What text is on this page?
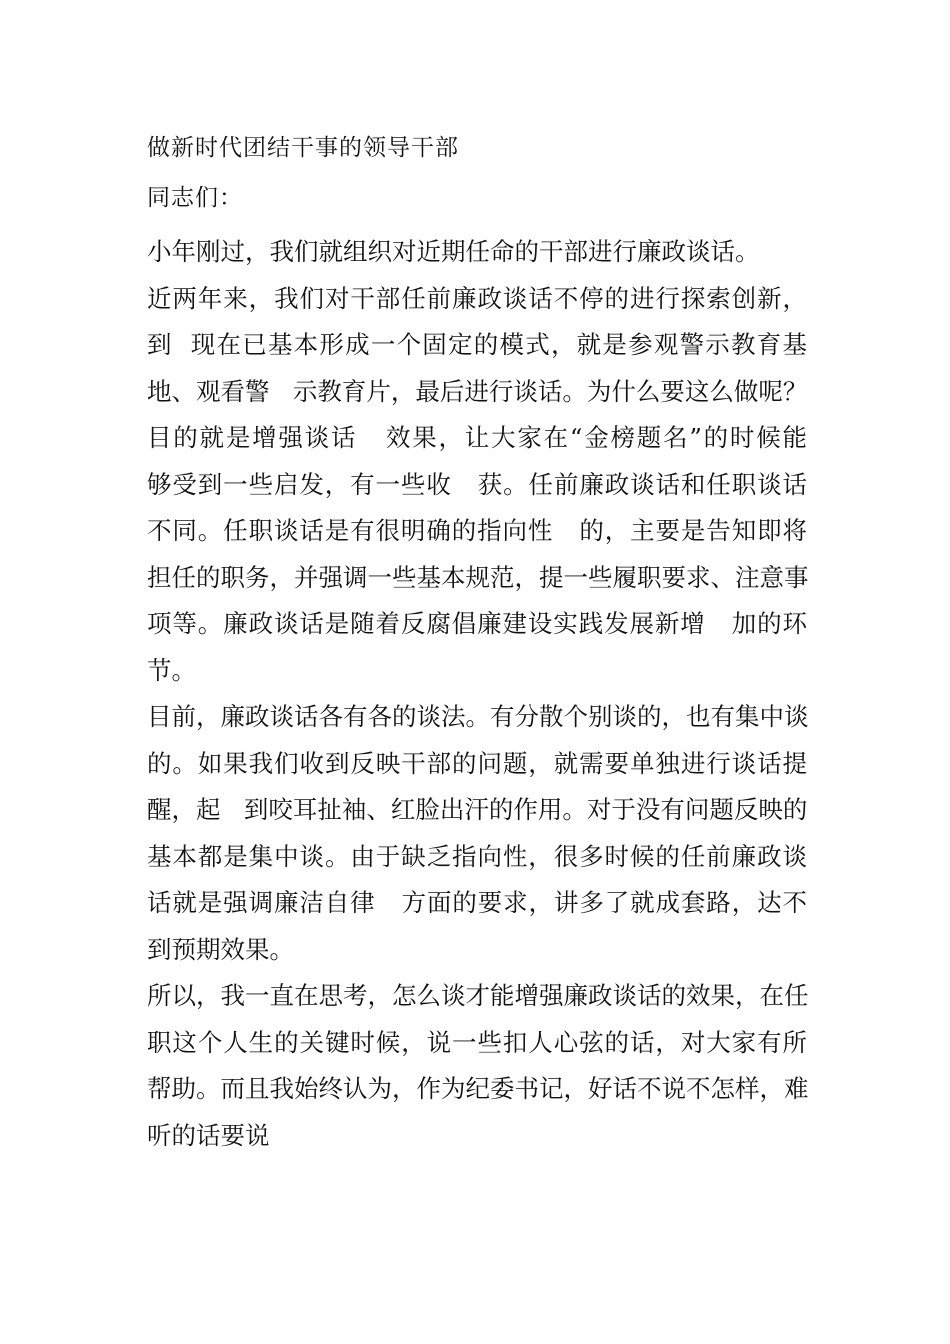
做新时代团结干事的领导干部
同志们：
小年刚过，我们就组织对近期任命的干部进行廉政谈话。
近两年来，我们对干部任前廉政谈话不停的进行探索创新，
到  现在已基本形成一个固定的模式，就是参观警示教育基
地、观看警   示教育片，最后进行谈话。为什么要这么做呢？
目的就是增强谈话   效果，让大家在“金榜题名”的时候能
够受到一些启发，有一些收   获。任前廉政谈话和任职谈话
不同。任职谈话是有很明确的指向性   的，主要是告知即将
担任的职务，并强调一些基本规范，提一些履职要求、注意事
项等。廉政谈话是随着反腐倡廉建设实践发展新增   加的环
节。
目前，廉政谈话各有各的谈法。有分散个别谈的，也有集中谈
的。如果我们收到反映干部的问题，就需要单独进行谈话提
醒，起   到咬耳扯袖、红脸出汗的作用。对于没有问题反映的
基本都是集中谈。由于缺乏指向性，很多时候的任前廉政谈
话就是强调廉洁自律   方面的要求，讲多了就成套路，达不
到预期效果。
所以，我一直在思考，怎么谈才能增强廉政谈话的效果，在任
职这个人生的关键时候，说一些扣人心弦的话，对大家有所
帮助。而且我始终认为，作为纪委书记，好话不说不怎样，难
听的话要说
